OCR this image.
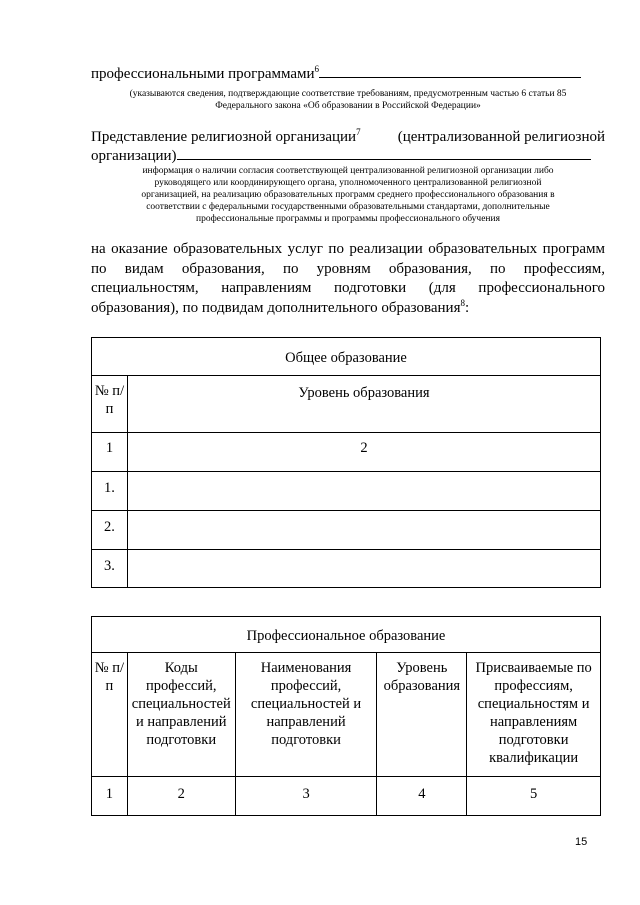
профессиональными программами$^6$
(указываются сведения, подтверждающие соответствие требованиям, предусмотренным частью 6 статьи 85
Федерального закона «Об образовании в Российской Федерации»
Представление религиозной организации$^7$ (централизованной религиозной
организации)
информация о наличии согласия соответствующей централизованной религиозной организации либо
руководящего или координирующего органа, уполномоченного централизованной религиозной
организацией, на реализацию образовательных программ среднего профессионального образования в
соответствии с федеральными государственными образовательными стандартами, дополнительные
профессиональные программы и программы профессионального обучения
на оказание образовательных услуг по реализации образовательных программ по видам образования, по уровням образования, по профессиям, специальностям, направлениям подготовки (для профессионального образования), по подвидам дополнительного образования$^8$:
Общее образование	
№ п/п	Уровень образования
1	2
1.	
2.	
3.	
Профессиональное образование				
№ п/п	Коды профессий, специальностей и направлений подготовки	Наименования профессий, специальностей и направлений подготовки	Уровень образования	Присваиваемые по профессиям, специальностям и направлениям подготовки квалификации
1	2	3	4	5
15
